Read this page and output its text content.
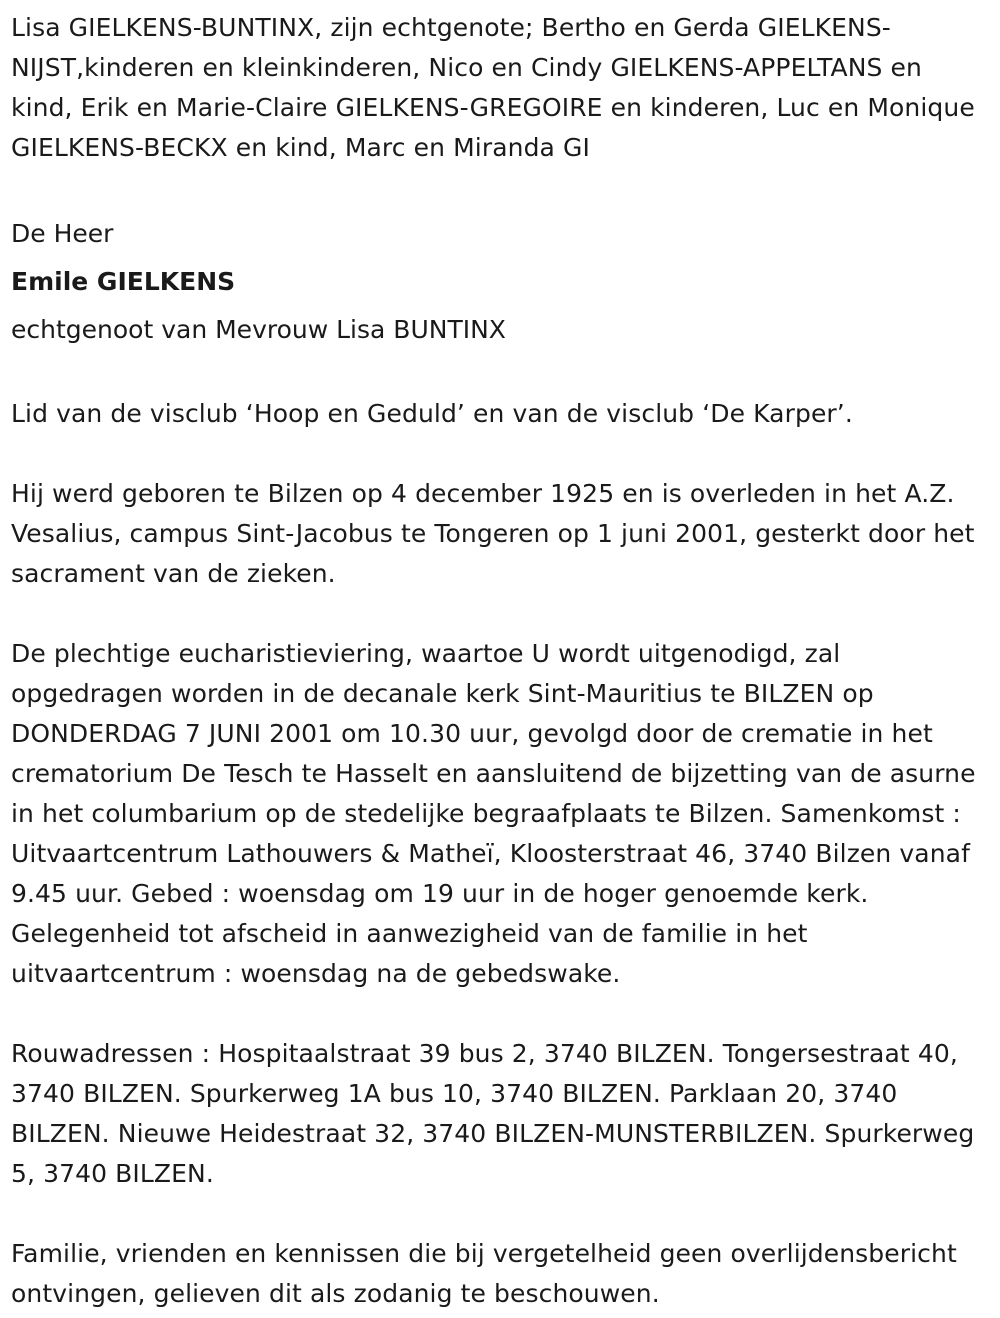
Lisa GIELKENS-BUNTINX, zijn echtgenote; Bertho en Gerda GIELKENS-NIJST,kinderen en kleinkinderen, Nico en Cindy GIELKENS-APPELTANS en kind, Erik en Marie-Claire GIELKENS-GREGOIRE en kinderen, Luc en Monique GIELKENS-BECKX en kind, Marc en Miranda GI

De Heer

Emile GIELKENS

echtgenoot van Mevrouw Lisa BUNTINX

Lid van de visclub ‘Hoop en Geduld’ en van de visclub ‘De Karper’.

Hij werd geboren te Bilzen op 4 december 1925 en is overleden in het A.Z. Vesalius, campus Sint-Jacobus te Tongeren op 1 juni 2001, gesterkt door het sacrament van de zieken.

De plechtige eucharistieviering, waartoe U wordt uitgenodigd, zal opgedragen worden in de decanale kerk Sint-Mauritius te BILZEN op DONDERDAG 7 JUNI 2001 om 10.30 uur, gevolgd door de crematie in het crematorium De Tesch te Hasselt en aansluitend de bijzetting van de asurne in het columbarium op de stedelijke begraafplaats te Bilzen. Samenkomst : Uitvaartcentrum Lathouwers & Matheï, Kloosterstraat 46, 3740 Bilzen vanaf 9.45 uur. Gebed : woensdag om 19 uur in de hoger genoemde kerk. Gelegenheid tot afscheid in aanwezigheid van de familie in het uitvaartcentrum : woensdag na de gebedswake.

Rouwadressen : Hospitaalstraat 39 bus 2, 3740 BILZEN. Tongersestraat 40, 3740 BILZEN. Spurkerweg 1A bus 10, 3740 BILZEN. Parklaan 20, 3740 BILZEN. Nieuwe Heidestraat 32, 3740 BILZEN-MUNSTERBILZEN. Spurkerweg 5, 3740 BILZEN.

Familie, vrienden en kennissen die bij vergetelheid geen overlijdensbericht ontvingen, gelieven dit als zodanig te beschouwen.
